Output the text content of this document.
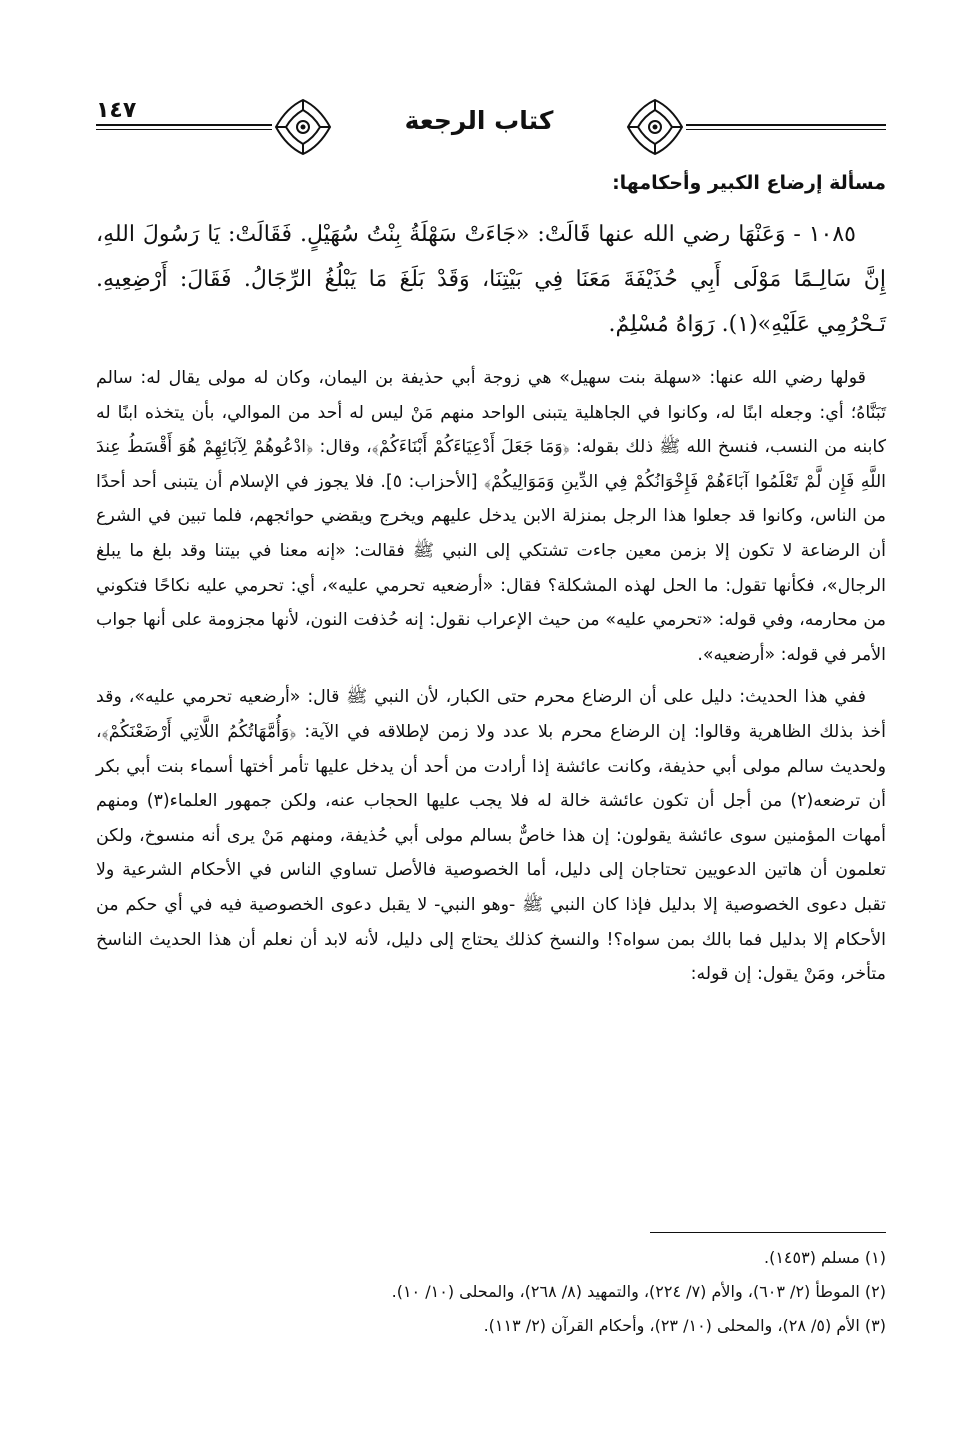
١٤٧	كتاب الرجعة

مسألة إرضاع الكبير وأحكامها:

١٠٨٥ - وَعَنْهَا رضي الله عنها قَالَتْ: «جَاءَتْ سَهْلَةُ بِنْتُ سُهَيْلٍ. فَقَالَتْ: يَا رَسُولَ اللهِ، إِنَّ سَالِـمًا مَوْلَى أَبِي حُذَيْفَةَ مَعَنَا فِي بَيْتِنَا، وَقَدْ بَلَغَ مَا يَبْلُغُ الرِّجَالُ. فَقَالَ: أَرْضِعِيهِ. تَـحْرُمِي عَلَيْهِ»(١). رَوَاهُ مُسْلِمٌ.

قولها رضي الله عنها: «سهلة بنت سهيل» هي زوجة أبي حذيفة بن اليمان، وكان له مولى يقال له: سالم تَبَنَّاهُ؛ أي: وجعله ابنًا له، وكانوا في الجاهلية يتبنى الواحد منهم مَنْ ليس له أحد من الموالي، بأن يتخذه ابنًا له كابنه من النسب، فنسخ الله ﷺ ذلك بقوله: ﴿وَمَا جَعَلَ أَدْعِيَاءَكُمْ أَبْنَاءَكُمْ﴾، وقال: ﴿ادْعُوهُمْ لِآبَائِهِمْ هُوَ أَقْسَطُ عِندَ اللَّهِ فَإِن لَّمْ تَعْلَمُوا آبَاءَهُمْ فَإِخْوَانُكُمْ فِي الدِّينِ وَمَوَالِيكُمْ﴾ [الأحزاب: ٥]. فلا يجوز في الإسلام أن يتبنى أحد أحدًا من الناس، وكانوا قد جعلوا هذا الرجل بمنزلة الابن يدخل عليهم ويخرج ويقضي حوائجهم، فلما تبين في الشرع أن الرضاعة لا تكون إلا بزمن معين جاءت تشتكي إلى النبي ﷺ فقالت: «إنه معنا في بيتنا وقد بلغ ما يبلغ الرجال»، فكأنها تقول: ما الحل لهذه المشكلة؟ فقال: «أرضعيه تحرمي عليه»، أي: تحرمي عليه نكاحًا فتكوني من محارمه، وفي قوله: «تحرمي عليه» من حيث الإعراب نقول: إنه حُذفت النون، لأنها مجزومة على أنها جواب الأمر في قوله: «أرضعيه».

ففي هذا الحديث: دليل على أن الرضاع محرم حتى الكبار، لأن النبي ﷺ قال: «أرضعيه تحرمي عليه»، وقد أخذ بذلك الظاهرية وقالوا: إن الرضاع محرم بلا عدد ولا زمن لإطلاقه في الآية: ﴿وَأُمَّهَاتُكُمُ اللَّاتِي أَرْضَعْنَكُمْ﴾، ولحديث سالم مولى أبي حذيفة، وكانت عائشة إذا أرادت من أحد أن يدخل عليها تأمر أختها أسماء بنت أبي بكر أن ترضعه(٢) من أجل أن تكون عائشة خالة له فلا يجب عليها الحجاب عنه، ولكن جمهور العلماء(٣) ومنهم أمهات المؤمنين سوى عائشة يقولون: إن هذا خاصٌّ بسالم مولى أبي حُذيفة، ومنهم مَنْ يرى أنه منسوخ، ولكن تعلمون أن هاتين الدعويين تحتاجان إلى دليل، أما الخصوصية فالأصل تساوي الناس في الأحكام الشرعية ولا تقبل دعوى الخصوصية إلا بدليل فإذا كان النبي ﷺ -وهو النبي- لا يقبل دعوى الخصوصية فيه في أي حكم من الأحكام إلا بدليل فما بالك بمن سواه؟! والنسخ كذلك يحتاج إلى دليل، لأنه لابد أن نعلم أن هذا الحديث الناسخ متأخر، ومَنْ يقول: إن قوله:

(١) مسلم (١٤٥٣).
(٢) الموطأ (٢/ ٦٠٣)، والأم (٧/ ٢٢٤)، والتمهيد (٨/ ٢٦٨)، والمحلى (١٠/ ١٠).
(٣) الأم (٥/ ٢٨)، والمحلى (١٠/ ٢٣)، وأحكام القرآن (٢/ ١١٣).
